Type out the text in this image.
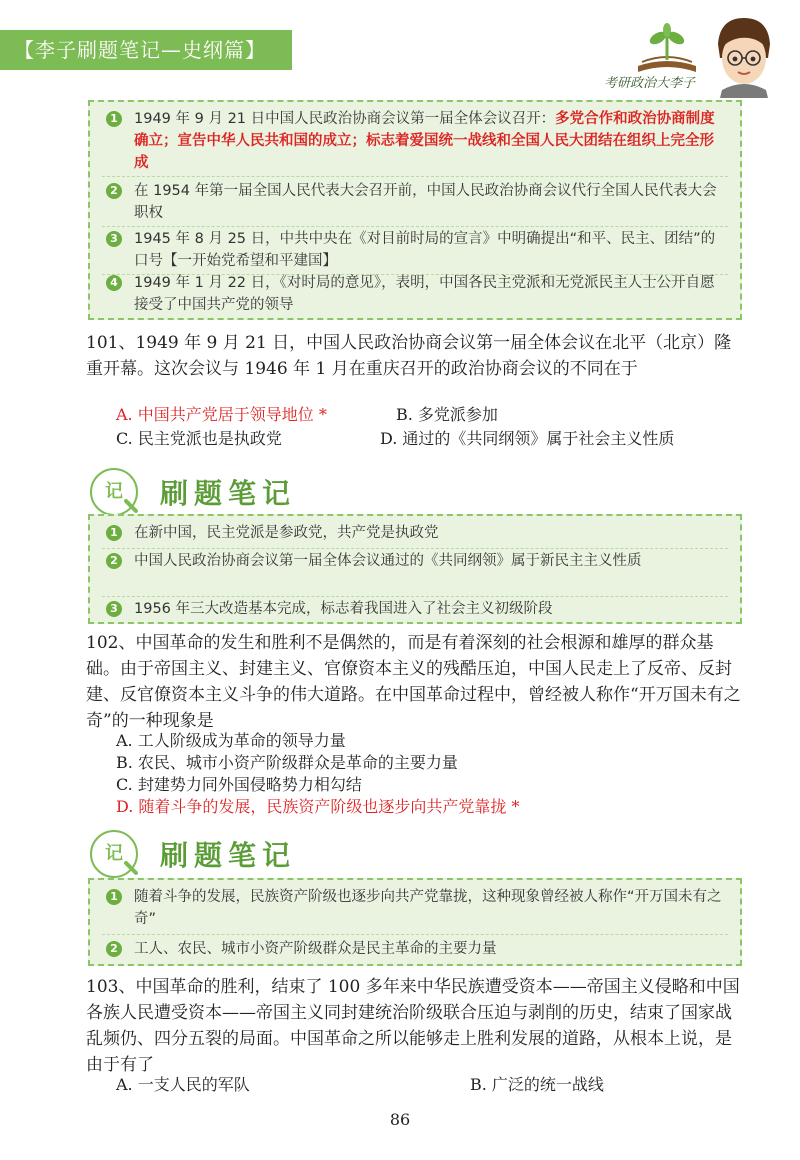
【李子刷题笔记—史纲篇】
考研政治大李子
1 1949 年 9 月 21 日中国人民政治协商会议第一届全体会议召开：多党合作和政治协商制度确立；宣告中华人民共和国的成立；标志着爱国统一战线和全国人民大团结在组织上完全形成
2 在 1954 年第一届全国人民代表大会召开前，中国人民政治协商会议代行全国人民代表大会职权
3 1945 年 8 月 25 日，中共中央在《对目前时局的宣言》中明确提出“和平、民主、团结”的口号【一开始党希望和平建国】
4 1949 年 1 月 22 日，《对时局的意见》，表明，中国各民主党派和无党派民主人士公开自愿接受了中国共产党的领导
101、1949 年 9 月 21 日，中国人民政治协商会议第一届全体会议在北平（北京）隆重开幕。这次会议与 1946 年 1 月在重庆召开的政治协商会议的不同在于
A. 中国共产党居于领导地位 *	B. 多党派参加
C. 民主党派也是执政党	D. 通过的《共同纲领》属于社会主义性质
记	刷题笔记
1 在新中国，民主党派是参政党，共产党是执政党
2 中国人民政治协商会议第一届全体会议通过的《共同纲领》属于新民主主义性质
3 1956 年三大改造基本完成，标志着我国进入了社会主义初级阶段
102、中国革命的发生和胜利不是偶然的，而是有着深刻的社会根源和雄厚的群众基础。由于帝国主义、封建主义、官僚资本主义的残酷压迫，中国人民走上了反帝、反封建、反官僚资本主义斗争的伟大道路。在中国革命过程中，曾经被人称作“开万国未有之奇”的一种现象是
A. 工人阶级成为革命的领导力量
B. 农民、城市小资产阶级群众是革命的主要力量
C. 封建势力同外国侵略势力相勾结
D. 随着斗争的发展，民族资产阶级也逐步向共产党靠拢 *
记	刷题笔记
1 随着斗争的发展，民族资产阶级也逐步向共产党靠拢，这种现象曾经被人称作“开万国未有之奇”
2 工人、农民、城市小资产阶级群众是民主革命的主要力量
103、中国革命的胜利，结束了 100 多年来中华民族遭受资本——帝国主义侵略和中国各族人民遭受资本——帝国主义同封建统治阶级联合压迫与剥削的历史，结束了国家战乱频仍、四分五裂的局面。中国革命之所以能够走上胜利发展的道路，从根本上说，是由于有了
A. 一支人民的军队	B. 广泛的统一战线
86
